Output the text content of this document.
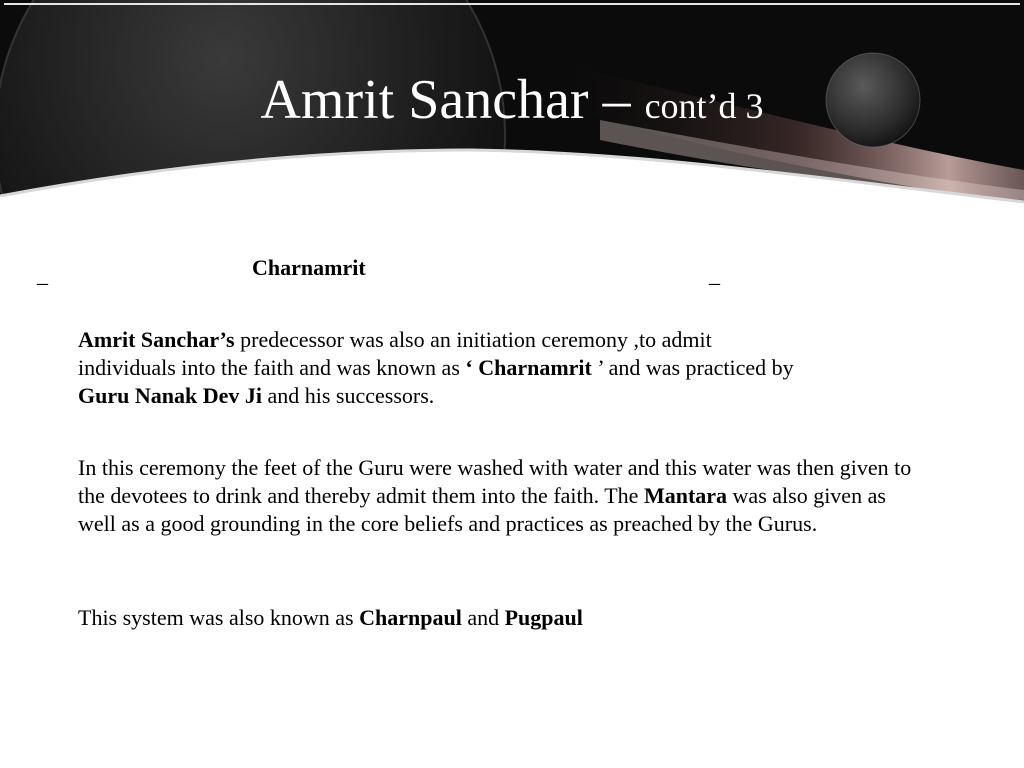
Amrit Sanchar – cont’d 3
_	Charnamrit	_

Amrit Sanchar’s predecessor was also an initiation ceremony ,to admit
individuals into the faith and was known as ‘ Charnamrit ’ and was practiced by
Guru Nanak Dev Ji and his successors.

In this ceremony the feet of the Guru were washed with water and this water was then given to the devotees to drink and thereby admit them into the faith. The Mantara was also given as well as a good grounding in the core beliefs and practices as preached by the Gurus.

This system was also known as Charnpaul and Pugpaul
